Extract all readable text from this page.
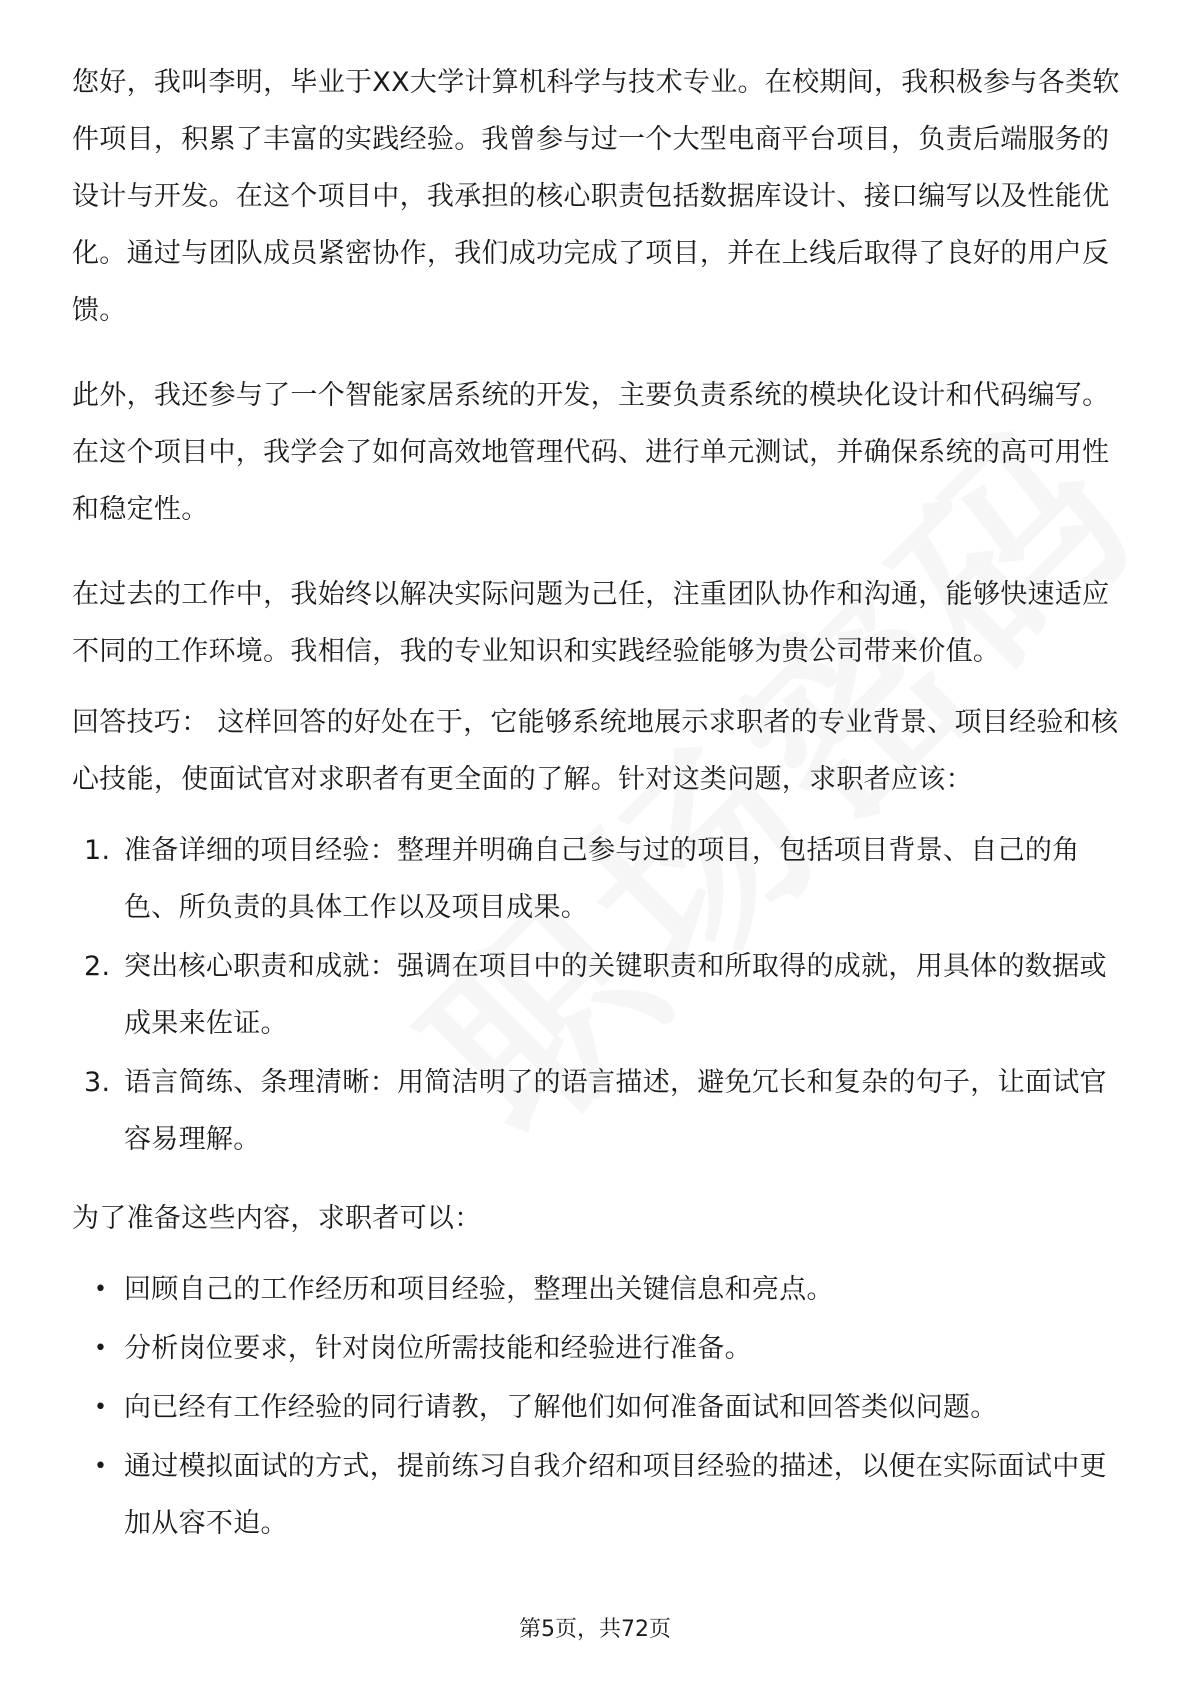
您好，我叫李明，毕业于XX大学计算机科学与技术专业。在校期间，我积极参与各类软件项目，积累了丰富的实践经验。我曾参与过一个大型电商平台项目，负责后端服务的设计与开发。在这个项目中，我承担的核心职责包括数据库设计、接口编写以及性能优化。通过与团队成员紧密协作，我们成功完成了项目，并在上线后取得了良好的用户反馈。

此外，我还参与了一个智能家居系统的开发，主要负责系统的模块化设计和代码编写。在这个项目中，我学会了如何高效地管理代码、进行单元测试，并确保系统的高可用性和稳定性。

在过去的工作中，我始终以解决实际问题为己任，注重团队协作和沟通，能够快速适应不同的工作环境。我相信，我的专业知识和实践经验能够为贵公司带来价值。

回答技巧： 这样回答的好处在于，它能够系统地展示求职者的专业背景、项目经验和核心技能，使面试官对求职者有更全面的了解。针对这类问题，求职者应该：

1. 准备详细的项目经验：整理并明确自己参与过的项目，包括项目背景、自己的角色、所负责的具体工作以及项目成果。
2. 突出核心职责和成就：强调在项目中的关键职责和所取得的成就，用具体的数据或成果来佐证。
3. 语言简练、条理清晰：用简洁明了的语言描述，避免冗长和复杂的句子，让面试官容易理解。

为了准备这些内容，求职者可以：

• 回顾自己的工作经历和项目经验，整理出关键信息和亮点。
• 分析岗位要求，针对岗位所需技能和经验进行准备。
• 向已经有工作经验的同行请教，了解他们如何准备面试和回答类似问题。
• 通过模拟面试的方式，提前练习自我介绍和项目经验的描述，以便在实际面试中更加从容不迫。
第5页，共72页
